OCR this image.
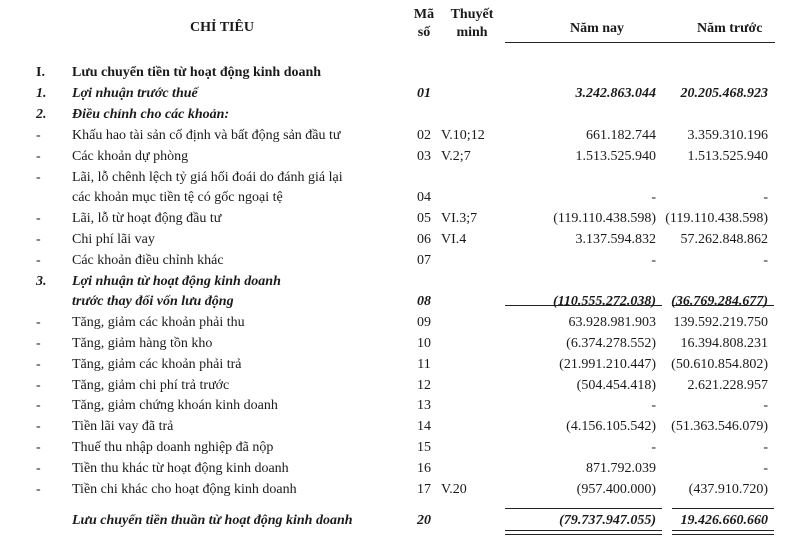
CHỈ TIÊU
Mã
số
Thuyết
minh	Năm nay	Năm trước
I. Lưu chuyển tiền từ hoạt động kinh doanh
1. Lợi nhuận trước thuế	01	3.242.863.044 20.205.468.923
2. Điều chỉnh cho các khoản:
- Khấu hao tài sản cố định và bất động sản đầu tư	02 V.10;12	661.182.744 3.359.310.196
- Các khoản dự phòng	03 V.2;7	1.513.525.940 1.513.525.940
- Lãi, lỗ chênh lệch tỷ giá hối đoái do đánh giá lại
các khoản mục tiền tệ có gốc ngoại tệ	04	-	-
- Lãi, lỗ từ hoạt động đầu tư	05 VI.3;7	(119.110.438.598) (119.110.438.598)
- Chi phí lãi vay	06 VI.4	3.137.594.832 57.262.848.862
- Các khoản điều chỉnh khác	07	-	-
3. Lợi nhuận từ hoạt động kinh doanh
trước thay đổi vốn lưu động	08	(110.555.272.038) (36.769.284.677)
- Tăng, giảm các khoản phải thu	09	63.928.981.903 139.592.219.750
- Tăng, giảm hàng tồn kho	10	(6.374.278.552) 16.394.808.231
- Tăng, giảm các khoản phải trả	11	(21.991.210.447) (50.610.854.802)
- Tăng, giảm chi phí trả trước	12	(504.454.418) 2.621.228.957
- Tăng, giảm chứng khoán kinh doanh	13	-	-
- Tiền lãi vay đã trả	14	(4.156.105.542) (51.363.546.079)
- Thuế thu nhập doanh nghiệp đã nộp	15	-	-
- Tiền thu khác từ hoạt động kinh doanh	16	871.792.039	-
- Tiền chi khác cho hoạt động kinh doanh	17 V.20	(957.400.000) (437.910.720)
Lưu chuyển tiền thuần từ hoạt động kinh doanh	20	(79.737.947.055) 19.426.660.660
